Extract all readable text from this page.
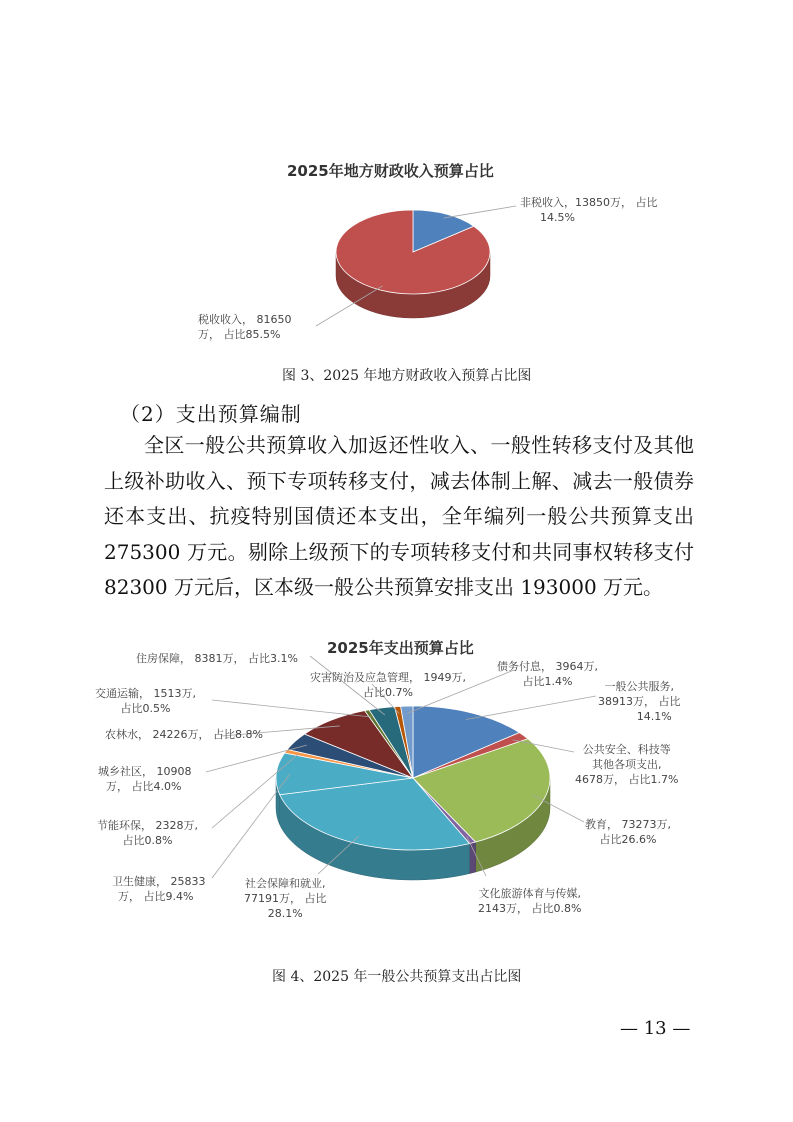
2025年地方财政收入预算占比
非税收入，13850万， 占比
14.5%
税收收入， 81650
万， 占比85.5%
图 3、2025 年地方财政收入预算占比图
（2）支出预算编制

全区一般公共预算收入加返还性收入、一般性转移支付及其他上级补助收入、预下专项转移支付，减去体制上解、减去一般债券还本支出、抗疫特别国债还本支出，全年编列一般公共预算支出 275300 万元。剔除上级预下的专项转移支付和共同事权转移支付 82300 万元后，区本级一般公共预算安排支出 193000 万元。

2025年支出预算占比
一般公共服务,
38913万， 占比
14.1%
公共安全、科技等
其他各项支出,
4678万， 占比1.7%
教育， 73273万,
占比26.6%
文化旅游体育与传媒,
2143万， 占比0.8%
社会保障和就业,
77191万， 占比
28.1%
卫生健康， 25833
万， 占比9.4%
节能环保， 2328万,
占比0.8%
城乡社区， 10908
万， 占比4.0%
农林水， 24226万， 占比8.8%
交通运输， 1513万,
占比0.5%
住房保障， 8381万， 占比3.1%
灾害防治及应急管理， 1949万,
占比0.7%
债务付息， 3964万,
占比1.4%
图 4、2025 年一般公共预算支出占比图
— 13 —
